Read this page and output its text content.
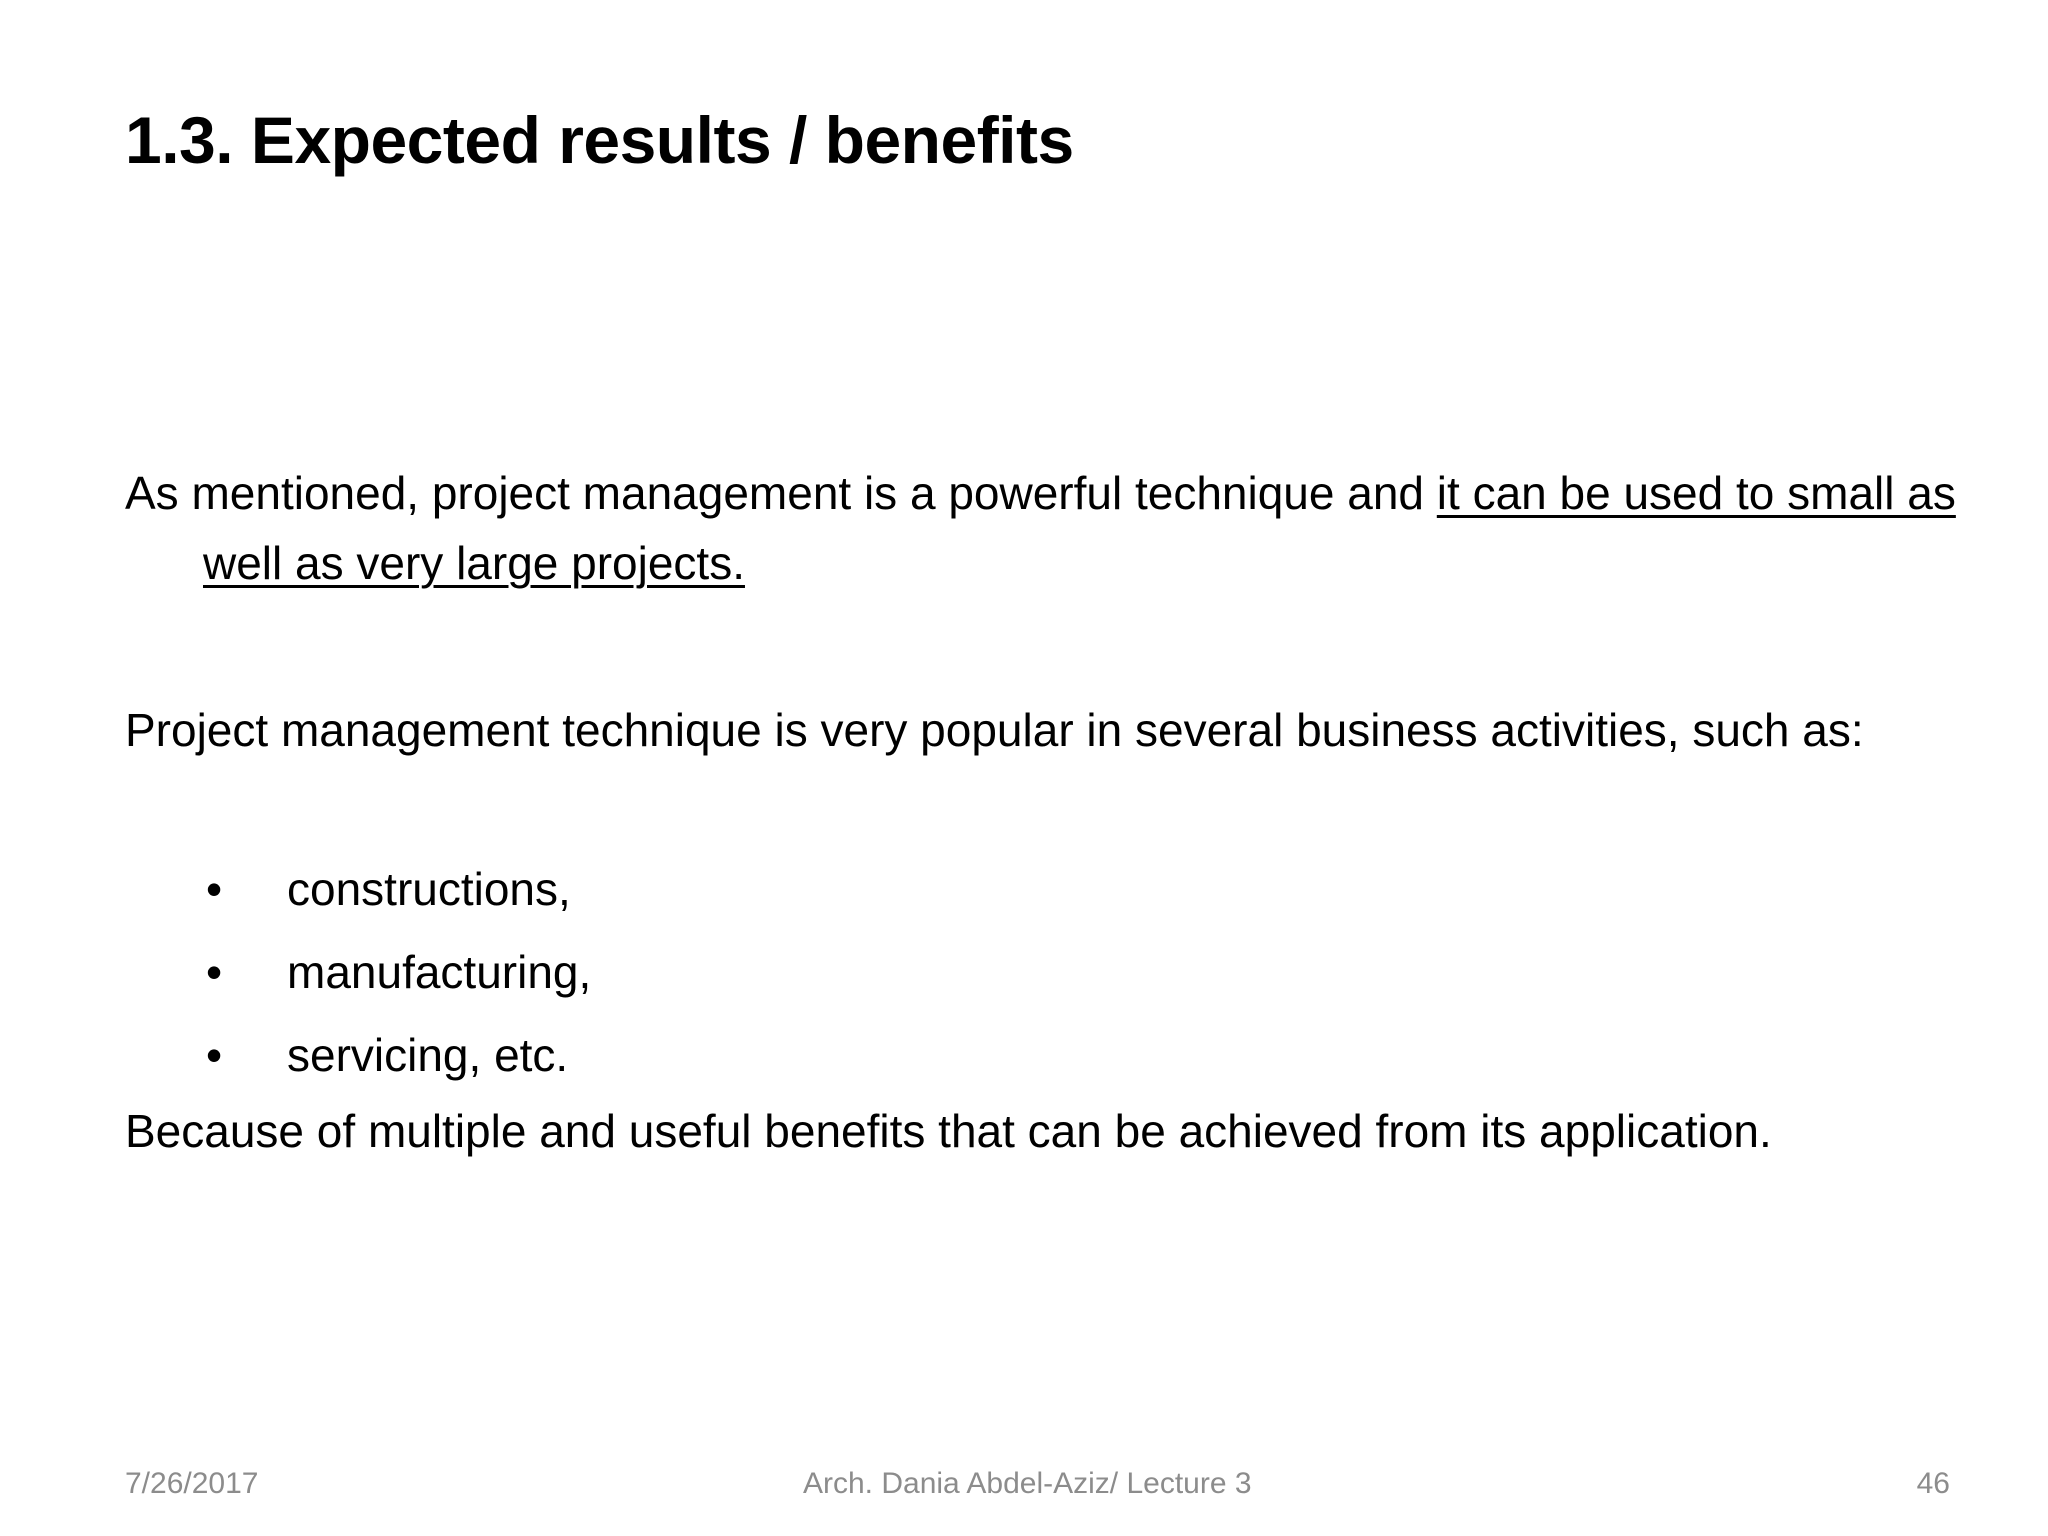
1.3. Expected results / benefits

As mentioned, project management is a powerful technique and it can be used to small as well as very large projects.

Project management technique is very popular in several business activities, such as:

• constructions,
• manufacturing,
• servicing, etc.

Because of multiple and useful benefits that can be achieved from its application.

7/26/2017	Arch. Dania Abdel-Aziz/ Lecture 3	46
